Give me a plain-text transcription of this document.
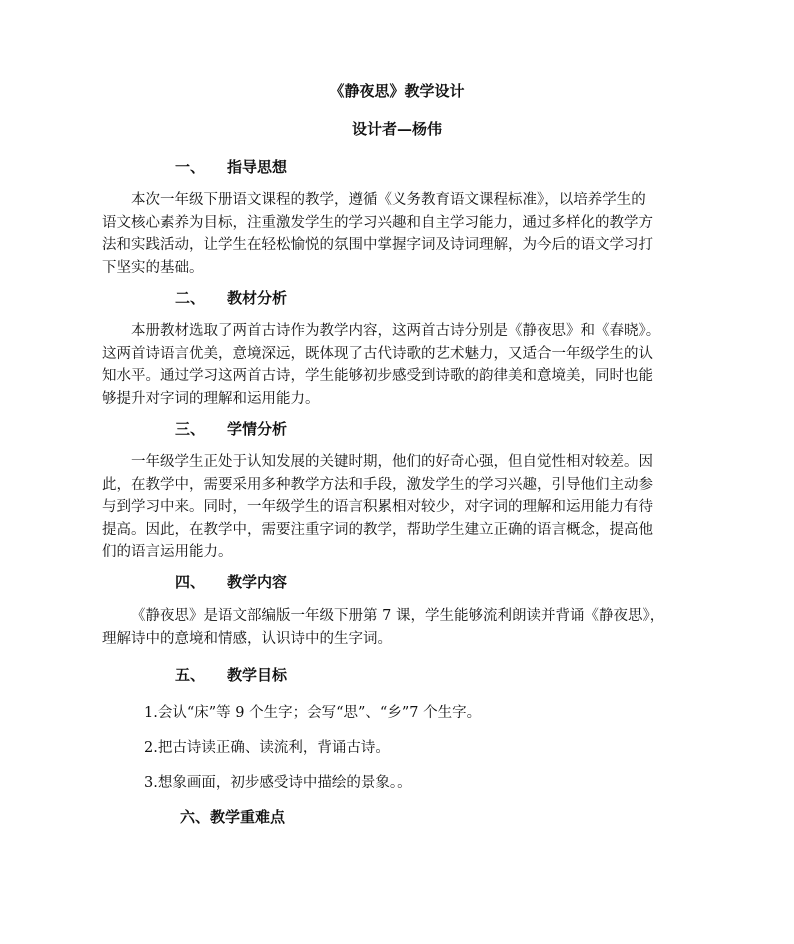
《静夜思》教学设计
设计者—杨伟
一、 指导思想
本次一年级下册语文课程的教学，遵循《义务教育语文课程标准》，以培养学生的
语文核心素养为目标，注重激发学生的学习兴趣和自主学习能力，通过多样化的教学方
法和实践活动，让学生在轻松愉悦的氛围中掌握字词及诗词理解，为今后的语文学习打
下坚实的基础。
二、 教材分析
本册教材选取了两首古诗作为教学内容，这两首古诗分别是《静夜思》和《春晓》。
这两首诗语言优美，意境深远，既体现了古代诗歌的艺术魅力，又适合一年级学生的认
知水平。通过学习这两首古诗，学生能够初步感受到诗歌的韵律美和意境美，同时也能
够提升对字词的理解和运用能力。
三、 学情分析
一年级学生正处于认知发展的关键时期，他们的好奇心强，但自觉性相对较差。因
此，在教学中，需要采用多种教学方法和手段，激发学生的学习兴趣，引导他们主动参
与到学习中来。同时，一年级学生的语言积累相对较少，对字词的理解和运用能力有待
提高。因此，在教学中，需要注重字词的教学，帮助学生建立正确的语言概念，提高他
们的语言运用能力。
四、 教学内容
《静夜思》是语文部编版一年级下册第 7 课，学生能够流利朗读并背诵《静夜思》，
理解诗中的意境和情感，认识诗中的生字词。
五、 教学目标
1.会认“床”等 9 个生字；会写“思”、“乡”7 个生字。
2.把古诗读正确、读流利，背诵古诗。
3.想象画面，初步感受诗中描绘的景象。。
六、教学重难点
